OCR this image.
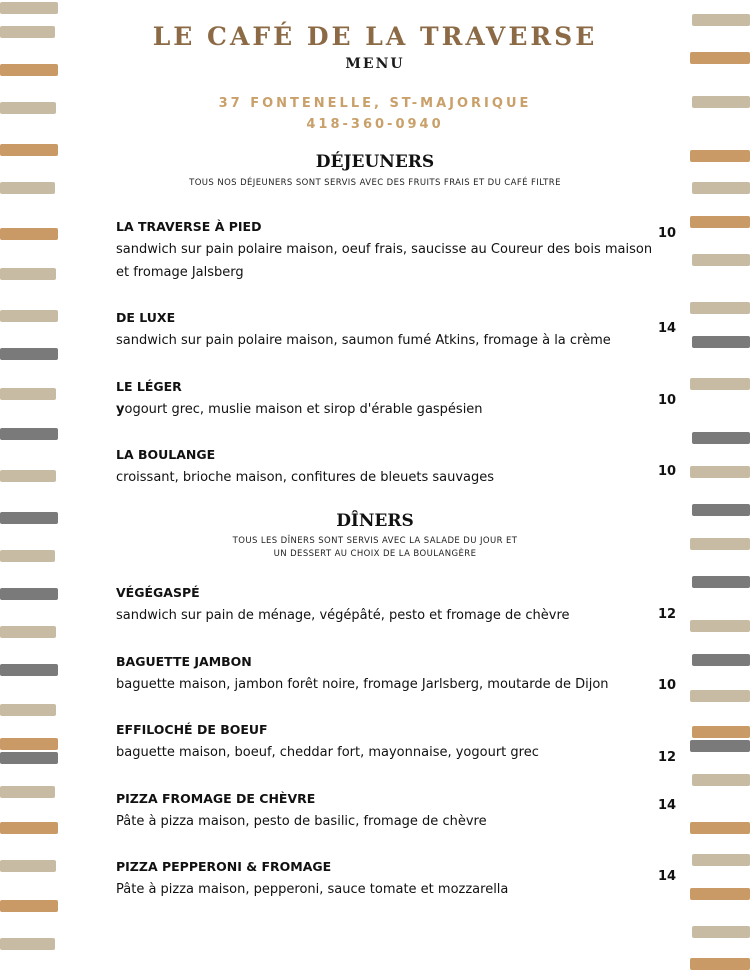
LE CAFÉ DE LA TRAVERSE
MENU
37 FONTENELLE, ST-MAJORIQUE
418-360-0940
DÉJEUNERS
TOUS NOS DÉJEUNERS SONT SERVIS AVEC DES FRUITS FRAIS ET DU CAFÉ FILTRE
LA TRAVERSE À PIED
sandwich sur pain polaire maison, oeuf frais, saucisse au Coureur des bois maison et fromage Jalsberg
10
DE LUXE
sandwich sur pain polaire maison, saumon fumé Atkins, fromage à la crème
14
LE LÉGER
yogourt grec, muslie maison et sirop d'érable gaspésien
10
LA BOULANGE
croissant, brioche maison, confitures de bleuets sauvages	10
DÎNERS
TOUS LES DÎNERS SONT SERVIS AVEC LA SALADE DU JOUR ET
UN DESSERT AU CHOIX DE LA BOULANGÈRE
VÉGÉGASPÉ
sandwich sur pain de ménage, végépâté, pesto et fromage de chèvre	12
BAGUETTE JAMBON
baguette maison, jambon forêt noire, fromage Jarlsberg, moutarde de Dijon	10
EFFILOCHÉ DE BOEUF
baguette maison, boeuf, cheddar fort, mayonnaise, yogourt grec	12
PIZZA FROMAGE DE CHÈVRE
Pâte à pizza maison, pesto de basilic, fromage de chèvre
14
PIZZA PEPPERONI & FROMAGE
Pâte à pizza maison, pepperoni, sauce tomate et mozzarella
14
